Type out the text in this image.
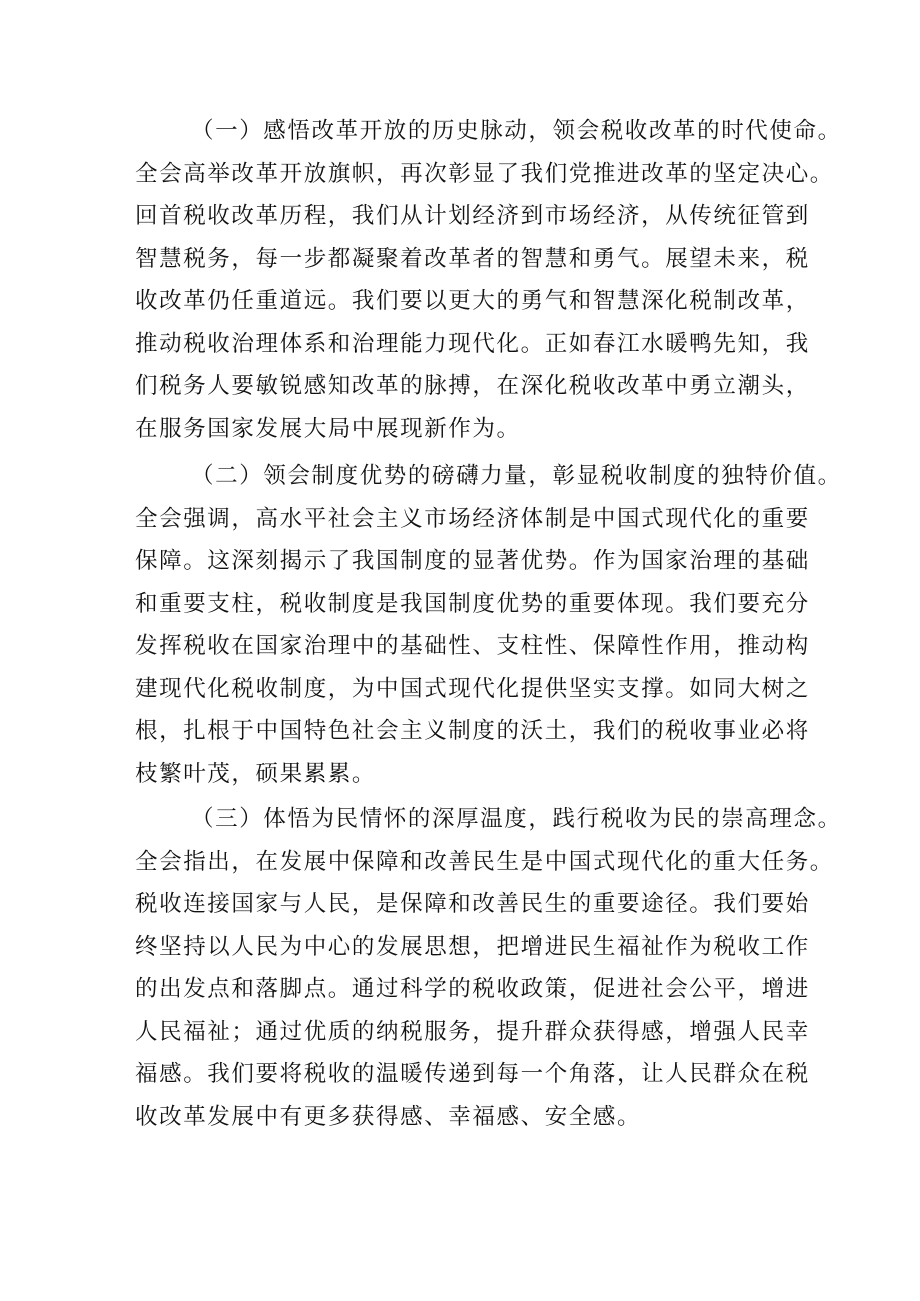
（一）感悟改革开放的历史脉动，领会税收改革的时代使命。
全会高举改革开放旗帜，再次彰显了我们党推进改革的坚定决心。
回首税收改革历程，我们从计划经济到市场经济，从传统征管到
智慧税务，每一步都凝聚着改革者的智慧和勇气。展望未来，税
收改革仍任重道远。我们要以更大的勇气和智慧深化税制改革，
推动税收治理体系和治理能力现代化。正如春江水暖鸭先知，我
们税务人要敏锐感知改革的脉搏，在深化税收改革中勇立潮头，
在服务国家发展大局中展现新作为。
（二）领会制度优势的磅礴力量，彰显税收制度的独特价值。
全会强调，高水平社会主义市场经济体制是中国式现代化的重要
保障。这深刻揭示了我国制度的显著优势。作为国家治理的基础
和重要支柱，税收制度是我国制度优势的重要体现。我们要充分
发挥税收在国家治理中的基础性、支柱性、保障性作用，推动构
建现代化税收制度，为中国式现代化提供坚实支撑。如同大树之
根，扎根于中国特色社会主义制度的沃土，我们的税收事业必将
枝繁叶茂，硕果累累。
（三）体悟为民情怀的深厚温度，践行税收为民的崇高理念。
全会指出，在发展中保障和改善民生是中国式现代化的重大任务。
税收连接国家与人民，是保障和改善民生的重要途径。我们要始
终坚持以人民为中心的发展思想，把增进民生福祉作为税收工作
的出发点和落脚点。通过科学的税收政策，促进社会公平，增进
人民福祉；通过优质的纳税服务，提升群众获得感，增强人民幸
福感。我们要将税收的温暖传递到每一个角落，让人民群众在税
收改革发展中有更多获得感、幸福感、安全感。
